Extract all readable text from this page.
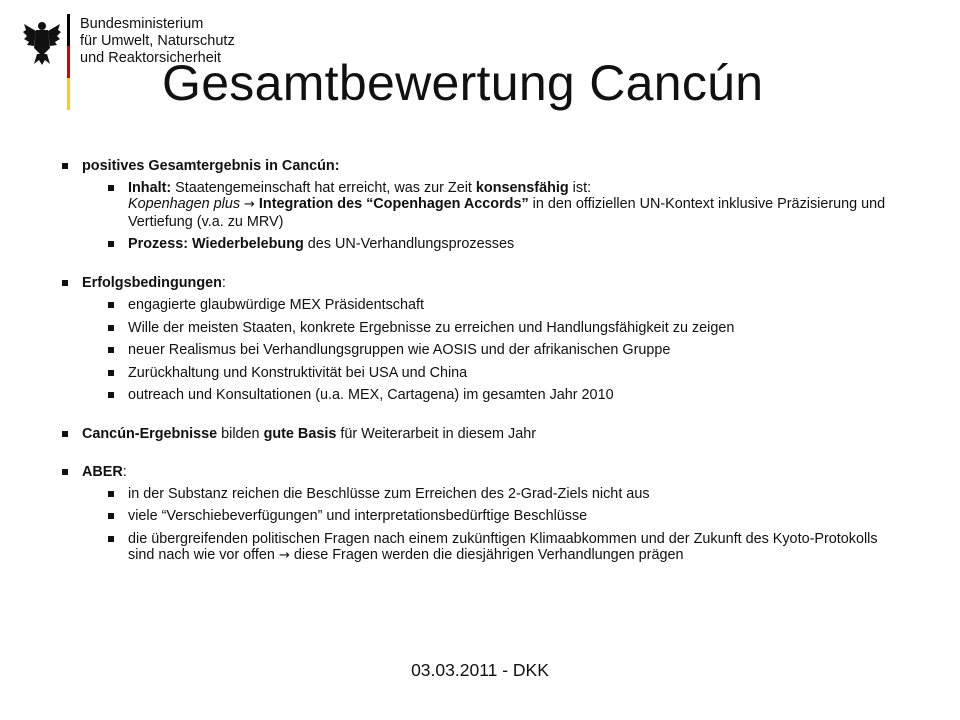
Bundesministerium
für Umwelt, Naturschutz
und Reaktorsicherheit
Gesamtbewertung Cancún
positives Gesamtergebnis in Cancún:
Inhalt: Staatengemeinschaft hat erreicht, was zur Zeit konsensfähig ist:
Kopenhagen plus → Integration des “Copenhagen Accords” in den offiziellen UN-Kontext inklusive Präzisierung und Vertiefung (v.a. zu MRV)
Prozess: Wiederbelebung des UN-Verhandlungsprozesses
Erfolgsbedingungen:
engagierte glaubwürdige MEX Präsidentschaft
Wille der meisten Staaten, konkrete Ergebnisse zu erreichen und Handlungsfähigkeit zu zeigen
neuer Realismus bei Verhandlungsgruppen wie AOSIS und der afrikanischen Gruppe
Zurückhaltung und Konstruktivität bei USA und China
outreach und Konsultationen (u.a. MEX, Cartagena) im gesamten Jahr 2010
Cancún-Ergebnisse bilden gute Basis für Weiterarbeit in diesem Jahr
ABER:
in der Substanz reichen die Beschlüsse zum Erreichen des 2-Grad-Ziels nicht aus
viele “Verschiebeverfügungen” und interpretationsbedürftige Beschlüsse
die übergreifenden politischen Fragen nach einem zukünftigen Klimaabkommen und der Zukunft des Kyoto-Protokolls sind nach wie vor offen → diese Fragen werden die diesjährigen Verhandlungen prägen
03.03.2011 - DKK
